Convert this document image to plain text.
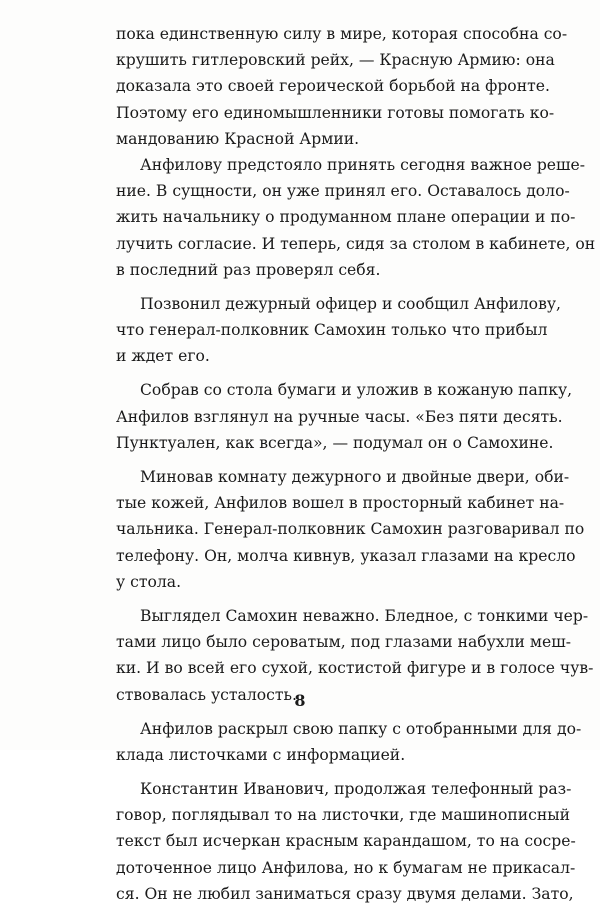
пока единственную силу в мире, которая способна со-
крушить гитлеровский рейх, — Красную Армию: она
доказала это своей героической борьбой на фронте.
Поэтому его единомышленники готовы помогать ко-
мандованию Красной Армии.
Анфилову предстояло принять сегодня важное реше-
ние. В сущности, он уже принял его. Оставалось доло-
жить начальнику о продуманном плане операции и по-
лучить согласие. И теперь, сидя за столом в кабинете, он
в последний раз проверял себя.
Позвонил дежурный офицер и сообщил Анфилову,
что генерал-полковник Самохин только что прибыл
и ждет его.
Собрав со стола бумаги и уложив в кожаную папку,
Анфилов взглянул на ручные часы. «Без пяти десять.
Пунктуален, как всегда», — подумал он о Самохине.
Миновав комнату дежурного и двойные двери, оби-
тые кожей, Анфилов вошел в просторный кабинет на-
чальника. Генерал-полковник Самохин разговаривал по
телефону. Он, молча кивнув, указал глазами на кресло
у стола.
Выглядел Самохин неважно. Бледное, с тонкими чер-
тами лицо было сероватым, под глазами набухли меш-
ки. И во всей его сухой, костистой фигуре и в голосе чув-
ствовалась усталость.
Анфилов раскрыл свою папку с отобранными для до-
клада листочками с информацией.
Константин Иванович, продолжая телефонный раз-
говор, поглядывал то на листочки, где машинописный
текст был исчеркан красным карандашом, то на сосре-
доточенное лицо Анфилова, но к бумагам не прикасал-
ся. Он не любил заниматься сразу двумя делами. Зато,
8
